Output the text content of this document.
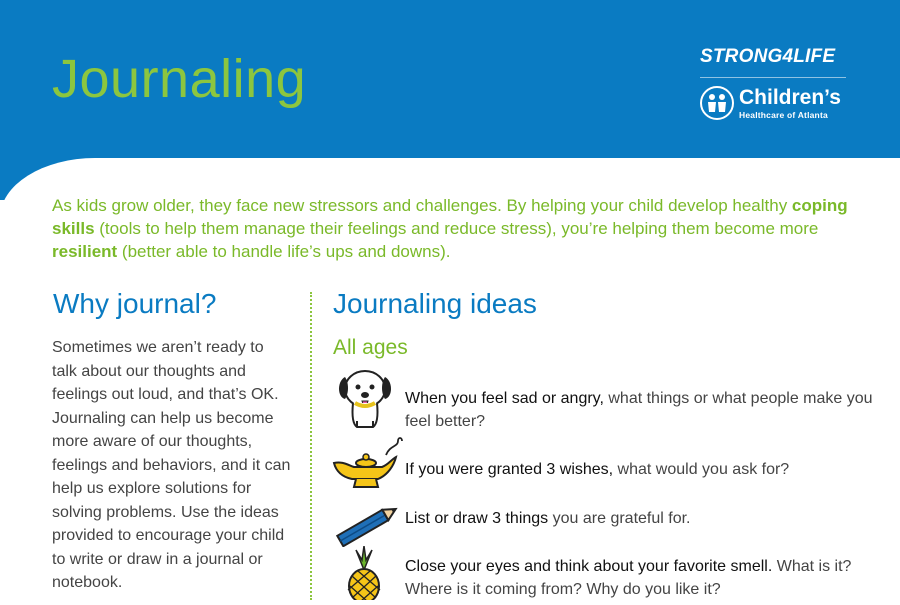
Journaling	STRONG4LIFE
Children’s
Healthcare of Atlanta
As kids grow older, they face new stressors and challenges. By helping your child develop healthy coping skills (tools to help them manage their feelings and reduce stress), you’re helping them become more resilient (better able to handle life’s ups and downs).
Why journal?
Sometimes we aren’t ready to talk about our thoughts and feelings out loud, and that’s OK. Journaling can help us become more aware of our thoughts, feelings and behaviors, and it can help us explore solutions for solving problems. Use the ideas provided to encourage your child to write or draw in a journal or notebook.
Journaling ideas
All ages
When you feel sad or angry, what things or what people make you feel better?
If you were granted 3 wishes, what would you ask for?
List or draw 3 things you are grateful for.
Close your eyes and think about your favorite smell. What is it? Where is it coming from? Why do you like it?
